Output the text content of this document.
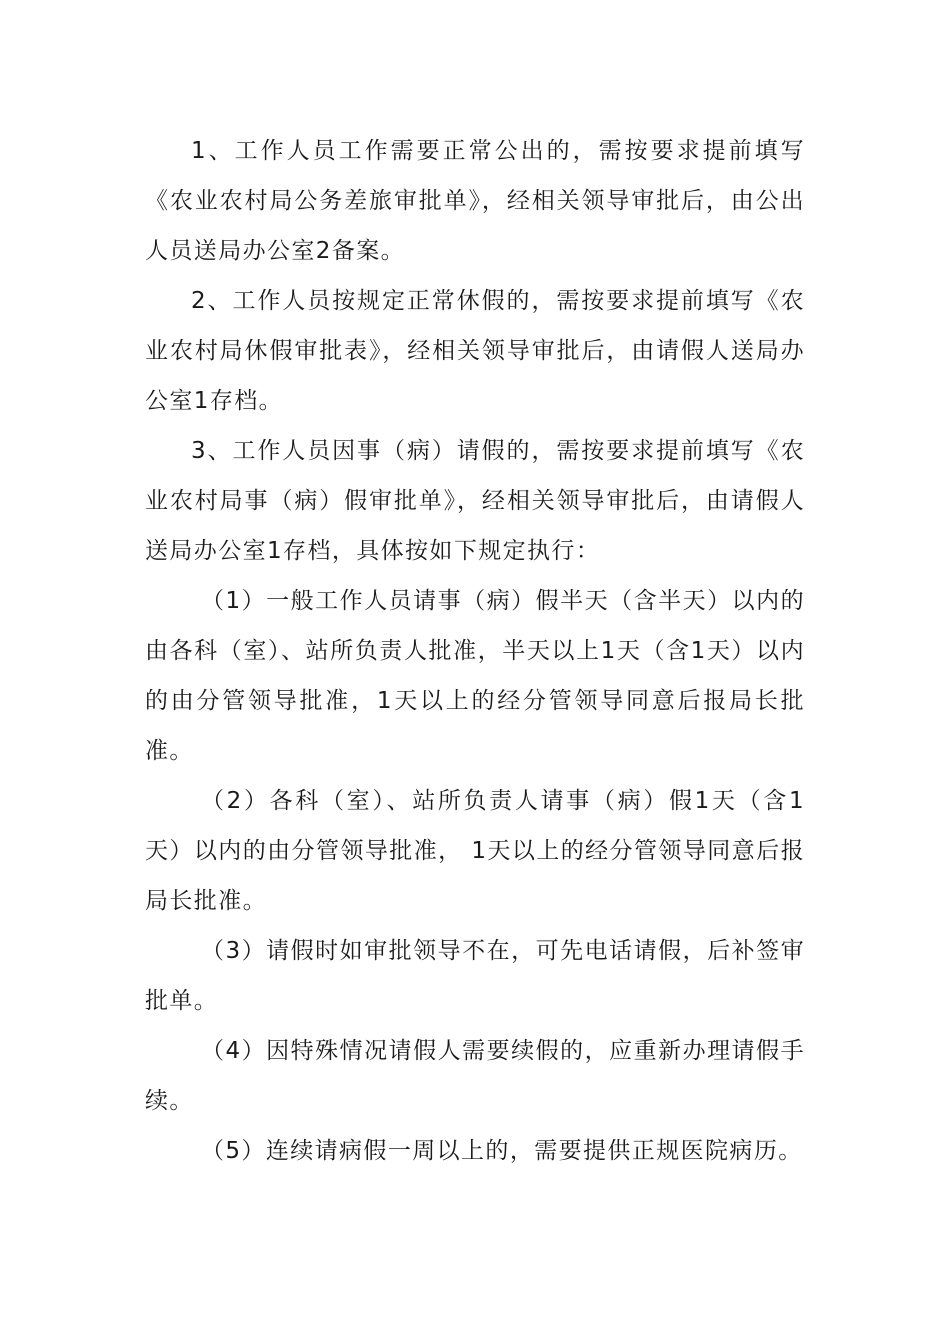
1、工作人员工作需要正常公出的，需按要求提前填写《农业农村局公务差旅审批单》，经相关领导审批后，由公出人员送局办公室2备案。

2、工作人员按规定正常休假的，需按要求提前填写《农业农村局休假审批表》，经相关领导审批后，由请假人送局办公室1存档。

3、工作人员因事（病）请假的，需按要求提前填写《农业农村局事（病）假审批单》，经相关领导审批后，由请假人送局办公室1存档，具体按如下规定执行：

（1）一般工作人员请事（病）假半天（含半天）以内的由各科（室）、站所负责人批准，半天以上1天（含1天）以内的由分管领导批准，1天以上的经分管领导同意后报局长批准。

（2）各科（室）、站所负责人请事（病）假1天（含1天）以内的由分管领导批准， 1天以上的经分管领导同意后报局长批准。

（3）请假时如审批领导不在，可先电话请假，后补签审批单。

（4）因特殊情况请假人需要续假的，应重新办理请假手续。

（5）连续请病假一周以上的，需要提供正规医院病历。
